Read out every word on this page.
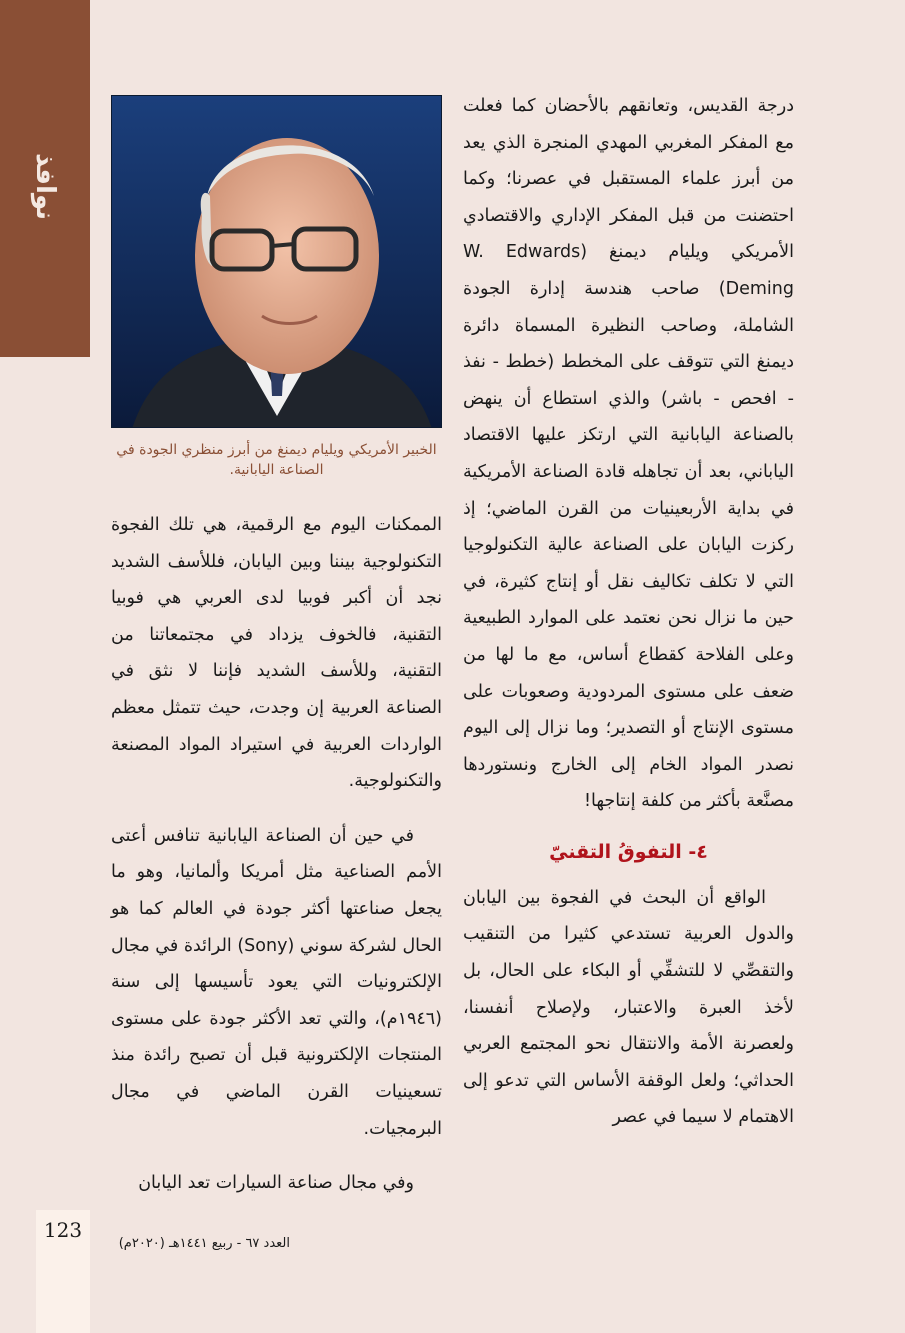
نوافذ

درجة القديس، وتعانقهم بالأحضان كما فعلت مع المفكر المغربي المهدي المنجرة الذي يعد من أبرز علماء المستقبل في عصرنا؛ وكما احتضنت من قبل المفكر الإداري والاقتصادي الأمريكي ويليام ديمنغ (W. Edwards Deming) صاحب هندسة إدارة الجودة الشاملة، وصاحب النظيرة المسماة دائرة ديمنغ التي تتوقف على المخطط (خطط - نفذ - افحص - باشر) والذي استطاع أن ينهض بالصناعة اليابانية التي ارتكز عليها الاقتصاد الياباني، بعد أن تجاهله قادة الصناعة الأمريكية في بداية الأربعينيات من القرن الماضي؛ إذ ركزت اليابان على الصناعة عالية التكنولوجيا التي لا تكلف تكاليف نقل أو إنتاج كثيرة، في حين ما نزال نحن نعتمد على الموارد الطبيعية وعلى الفلاحة كقطاع أساس، مع ما لها من ضعف على مستوى المردودية وصعوبات على مستوى الإنتاج أو التصدير؛ وما نزال إلى اليوم نصدر المواد الخام إلى الخارج ونستوردها مصنَّعة بأكثر من كلفة إنتاجها!

٤- التفوقُ التقنيّ

الواقع أن البحث في الفجوة بين اليابان والدول العربية تستدعي كثيرا من التنقيب والتقصِّي لا للتشفِّي أو البكاء على الحال، بل لأخذ العبرة والاعتبار، ولإصلاح أنفسنا، ولعصرنة الأمة والانتقال نحو المجتمع العربي الحداثي؛ ولعل الوقفة الأساس التي تدعو إلى الاهتمام لا سيما في عصر

الخبير الأمريكي ويليام ديمنغ من أبرز منظري الجودة في الصناعة اليابانية.

الممكنات اليوم مع الرقمية، هي تلك الفجوة التكنولوجية بيننا وبين اليابان، فللأسف الشديد نجد أن أكبر فوبيا لدى العربي هي فوبيا التقنية، فالخوف يزداد في مجتمعاتنا من التقنية، وللأسف الشديد فإننا لا نثق في الصناعة العربية إن وجدت، حيث تتمثل معظم الواردات العربية في استيراد المواد المصنعة والتكنولوجية.

في حين أن الصناعة اليابانية تنافس أعتى الأمم الصناعية مثل أمريكا وألمانيا، وهو ما يجعل صناعتها أكثر جودة في العالم كما هو الحال لشركة سوني (Sony) الرائدة في مجال الإلكترونيات التي يعود تأسيسها إلى سنة (١٩٤٦م)، والتي تعد الأكثر جودة على مستوى المنتجات الإلكترونية قبل أن تصبح رائدة منذ تسعينيات القرن الماضي في مجال البرمجيات.

وفي مجال صناعة السيارات تعد اليابان

123
العدد ٦٧ - ربيع ١٤٤١هـ (٢٠٢٠م)
